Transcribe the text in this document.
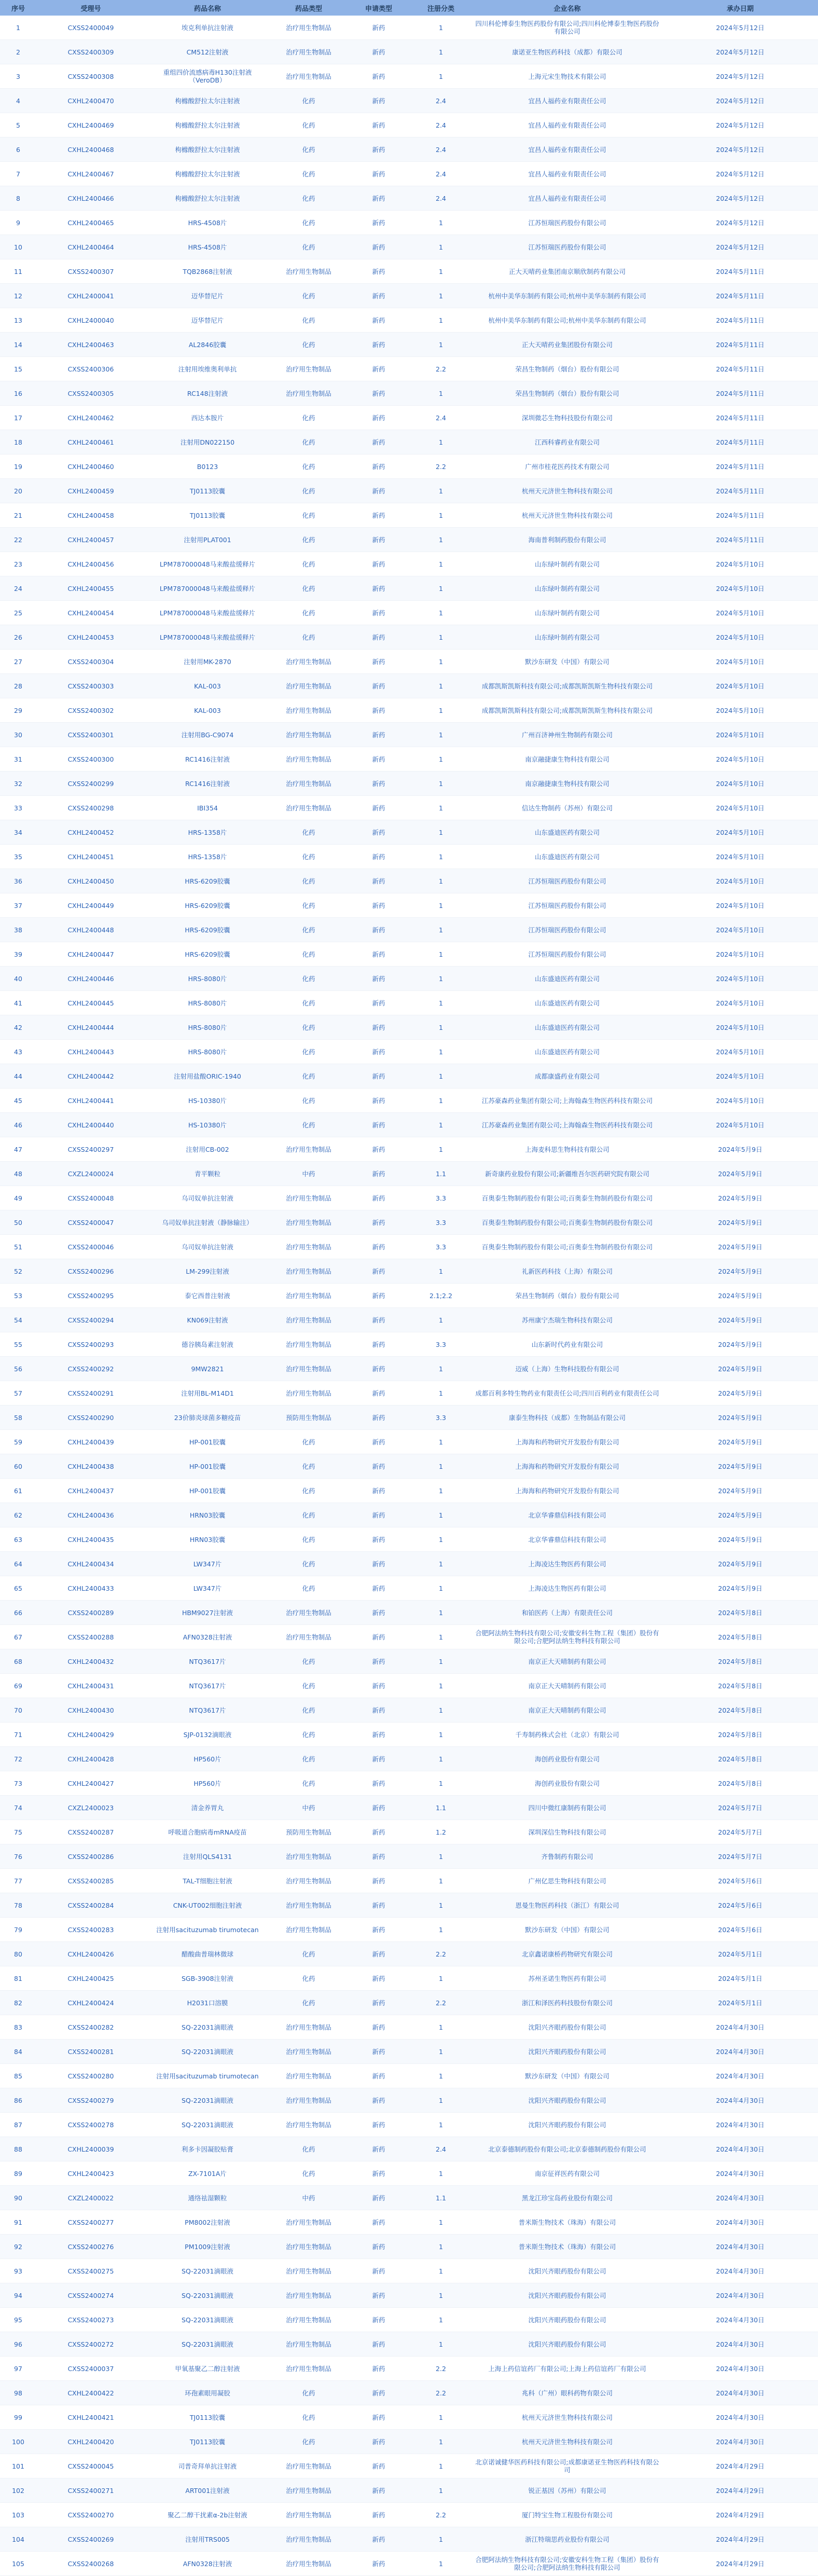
序号	受理号	药品名称	药品类型	申请类型	注册分类	企业名称	承办日期
1	CXSS2400049	埃克利单抗注射液	治疗用生物制品	新药	1	四川科伦博泰生物医药股份有限公司;四川科伦博泰生物医药股份有限公司	2024年5月12日
2	CXSS2400309	CM512注射液	治疗用生物制品	新药	1	康诺亚生物医药科技（成都）有限公司	2024年5月12日
3	CXSS2400308	重组四价流感病毒H130注射液（VeroDB）	治疗用生物制品	新药	1	上海元宋生物技术有限公司	2024年5月12日
4	CXHL2400470	枸橼酸舒拉太尔注射液	化药	新药	2.4	宜昌人福药业有限责任公司	2024年5月12日
5	CXHL2400469	枸橼酸舒拉太尔注射液	化药	新药	2.4	宜昌人福药业有限责任公司	2024年5月12日
6	CXHL2400468	枸橼酸舒拉太尔注射液	化药	新药	2.4	宜昌人福药业有限责任公司	2024年5月12日
7	CXHL2400467	枸橼酸舒拉太尔注射液	化药	新药	2.4	宜昌人福药业有限责任公司	2024年5月12日
8	CXHL2400466	枸橼酸舒拉太尔注射液	化药	新药	2.4	宜昌人福药业有限责任公司	2024年5月12日
9	CXHL2400465	HRS-4508片	化药	新药	1	江苏恒瑞医药股份有限公司	2024年5月12日
10	CXHL2400464	HRS-4508片	化药	新药	1	江苏恒瑞医药股份有限公司	2024年5月12日
11	CXSS2400307	TQB2868注射液	治疗用生物制品	新药	1	正大天晴药业集团南京顺欣制药有限公司	2024年5月11日
12	CXHL2400041	迈华替尼片	化药	新药	1	杭州中美华东制药有限公司;杭州中美华东制药有限公司	2024年5月11日
13	CXHL2400040	迈华替尼片	化药	新药	1	杭州中美华东制药有限公司;杭州中美华东制药有限公司	2024年5月11日
14	CXHL2400463	AL2846胶囊	化药	新药	1	正大天晴药业集团股份有限公司	2024年5月11日
15	CXSS2400306	注射用埃维奥利单抗	治疗用生物制品	新药	2.2	荣昌生物制药（烟台）股份有限公司	2024年5月11日
16	CXSS2400305	RC148注射液	治疗用生物制品	新药	1	荣昌生物制药（烟台）股份有限公司	2024年5月11日
17	CXHL2400462	西达本胺片	化药	新药	2.4	深圳微芯生物科技股份有限公司	2024年5月11日
18	CXHL2400461	注射用DN022150	化药	新药	1	江西科睿药业有限公司	2024年5月11日
19	CXHL2400460	B0123	化药	新药	2.2	广州市桂花医药技术有限公司	2024年5月11日
20	CXHL2400459	TJ0113胶囊	化药	新药	1	杭州天元济世生物科技有限公司	2024年5月11日
21	CXHL2400458	TJ0113胶囊	化药	新药	1	杭州天元济世生物科技有限公司	2024年5月11日
22	CXHL2400457	注射用PLAT001	化药	新药	1	海南普利制药股份有限公司	2024年5月11日
23	CXHL2400456	LPM787000048马来酸盐缓释片	化药	新药	1	山东绿叶制药有限公司	2024年5月10日
24	CXHL2400455	LPM787000048马来酸盐缓释片	化药	新药	1	山东绿叶制药有限公司	2024年5月10日
25	CXHL2400454	LPM787000048马来酸盐缓释片	化药	新药	1	山东绿叶制药有限公司	2024年5月10日
26	CXHL2400453	LPM787000048马来酸盐缓释片	化药	新药	1	山东绿叶制药有限公司	2024年5月10日
27	CXSS2400304	注射用MK-2870	治疗用生物制品	新药	1	默沙东研发（中国）有限公司	2024年5月10日
28	CXSS2400303	KAL-003	治疗用生物制品	新药	1	成都凯斯凯斯科技有限公司;成都凯斯凯斯生物科技有限公司	2024年5月10日
29	CXSS2400302	KAL-003	治疗用生物制品	新药	1	成都凯斯凯斯科技有限公司;成都凯斯凯斯生物科技有限公司	2024年5月10日
30	CXSS2400301	注射用BG-C9074	治疗用生物制品	新药	1	广州百济神州生物制药有限公司	2024年5月10日
31	CXSS2400300	RC1416注射液	治疗用生物制品	新药	1	南京融捷康生物科技有限公司	2024年5月10日
32	CXSS2400299	RC1416注射液	治疗用生物制品	新药	1	南京融捷康生物科技有限公司	2024年5月10日
33	CXSS2400298	IBI354	治疗用生物制品	新药	1	信达生物制药（苏州）有限公司	2024年5月10日
34	CXHL2400452	HRS-1358片	化药	新药	1	山东盛迪医药有限公司	2024年5月10日
35	CXHL2400451	HRS-1358片	化药	新药	1	山东盛迪医药有限公司	2024年5月10日
36	CXHL2400450	HRS-6209胶囊	化药	新药	1	江苏恒瑞医药股份有限公司	2024年5月10日
37	CXHL2400449	HRS-6209胶囊	化药	新药	1	江苏恒瑞医药股份有限公司	2024年5月10日
38	CXHL2400448	HRS-6209胶囊	化药	新药	1	江苏恒瑞医药股份有限公司	2024年5月10日
39	CXHL2400447	HRS-6209胶囊	化药	新药	1	江苏恒瑞医药股份有限公司	2024年5月10日
40	CXHL2400446	HRS-8080片	化药	新药	1	山东盛迪医药有限公司	2024年5月10日
41	CXHL2400445	HRS-8080片	化药	新药	1	山东盛迪医药有限公司	2024年5月10日
42	CXHL2400444	HRS-8080片	化药	新药	1	山东盛迪医药有限公司	2024年5月10日
43	CXHL2400443	HRS-8080片	化药	新药	1	山东盛迪医药有限公司	2024年5月10日
44	CXHL2400442	注射用盐酸ORIC-1940	化药	新药	1	成都康盛药业有限公司	2024年5月10日
45	CXHL2400441	HS-10380片	化药	新药	1	江苏豪森药业集团有限公司;上海翰森生物医药科技有限公司	2024年5月10日
46	CXHL2400440	HS-10380片	化药	新药	1	江苏豪森药业集团有限公司;上海翰森生物医药科技有限公司	2024年5月10日
47	CXSS2400297	注射用CB-002	治疗用生物制品	新药	1	上海麦科思生物科技有限公司	2024年5月9日
48	CXZL2400024	青平颗粒	中药	新药	1.1	新奇康药业股份有限公司;新疆维吾尔医药研究院有限公司	2024年5月9日
49	CXSS2400048	乌司奴单抗注射液	治疗用生物制品	新药	3.3	百奥泰生物制药股份有限公司;百奥泰生物制药股份有限公司	2024年5月9日
50	CXSS2400047	乌司奴单抗注射液（静脉输注）	治疗用生物制品	新药	3.3	百奥泰生物制药股份有限公司;百奥泰生物制药股份有限公司	2024年5月9日
51	CXSS2400046	乌司奴单抗注射液	治疗用生物制品	新药	3.3	百奥泰生物制药股份有限公司;百奥泰生物制药股份有限公司	2024年5月9日
52	CXSS2400296	LM-299注射液	治疗用生物制品	新药	1	礼新医药科技（上海）有限公司	2024年5月9日
53	CXSS2400295	泰它西普注射液	治疗用生物制品	新药	2.1;2.2	荣昌生物制药（烟台）股份有限公司	2024年5月9日
54	CXSS2400294	KN069注射液	治疗用生物制品	新药	1	苏州康宁杰瑞生物科技有限公司	2024年5月9日
55	CXSS2400293	德谷胰岛素注射液	治疗用生物制品	新药	3.3	山东新时代药业有限公司	2024年5月9日
56	CXSS2400292	9MW2821	治疗用生物制品	新药	1	迈威（上海）生物科技股份有限公司	2024年5月9日
57	CXSS2400291	注射用BL-M14D1	治疗用生物制品	新药	1	成都百利多特生物药业有限责任公司;四川百利药业有限责任公司	2024年5月9日
58	CXSS2400290	23价肺炎球菌多糖疫苗	预防用生物制品	新药	3.3	康泰生物科技（成都）生物制品有限公司	2024年5月9日
59	CXHL2400439	HP-001胶囊	化药	新药	1	上海海和药物研究开发股份有限公司	2024年5月9日
60	CXHL2400438	HP-001胶囊	化药	新药	1	上海海和药物研究开发股份有限公司	2024年5月9日
61	CXHL2400437	HP-001胶囊	化药	新药	1	上海海和药物研究开发股份有限公司	2024年5月9日
62	CXHL2400436	HRN03胶囊	化药	新药	1	北京华睿鼎信科技有限公司	2024年5月9日
63	CXHL2400435	HRN03胶囊	化药	新药	1	北京华睿鼎信科技有限公司	2024年5月9日
64	CXHL2400434	LW347片	化药	新药	1	上海凌达生物医药有限公司	2024年5月9日
65	CXHL2400433	LW347片	化药	新药	1	上海凌达生物医药有限公司	2024年5月9日
66	CXSS2400289	HBM9027注射液	治疗用生物制品	新药	1	和铂医药（上海）有限责任公司	2024年5月8日
67	CXSS2400288	AFN0328注射液	治疗用生物制品	新药	1	合肥阿法纳生物科技有限公司;安徽安科生物工程（集团）股份有限公司;合肥阿法纳生物科技有限公司	2024年5月8日
68	CXHL2400432	NTQ3617片	化药	新药	1	南京正大天晴制药有限公司	2024年5月8日
69	CXHL2400431	NTQ3617片	化药	新药	1	南京正大天晴制药有限公司	2024年5月8日
70	CXHL2400430	NTQ3617片	化药	新药	1	南京正大天晴制药有限公司	2024年5月8日
71	CXHL2400429	SJP-0132滴眼液	化药	新药	1	千寿制药株式会社（北京）有限公司	2024年5月8日
72	CXHL2400428	HP560片	化药	新药	1	海创药业股份有限公司	2024年5月8日
73	CXHL2400427	HP560片	化药	新药	1	海创药业股份有限公司	2024年5月8日
74	CXZL2400023	清金养胃丸	中药	新药	1.1	四川中微红康制药有限公司	2024年5月7日
75	CXSS2400287	呼吸道合胞病毒mRNA疫苗	预防用生物制品	新药	1.2	深圳深信生物科技有限公司	2024年5月7日
76	CXSS2400286	注射用QLS4131	治疗用生物制品	新药	1	齐鲁制药有限公司	2024年5月7日
77	CXSS2400285	TAL-T细胞注射液	治疗用生物制品	新药	1	广州亿思生物科技有限公司	2024年5月6日
78	CXSS2400284	CNK-UT002细胞注射液	治疗用生物制品	新药	1	恩曼生物医药科技（浙江）有限公司	2024年5月6日
79	CXSS2400283	注射用sacituzumab tirumotecan	治疗用生物制品	新药	1	默沙东研发（中国）有限公司	2024年5月6日
80	CXHL2400426	醋酸曲普瑞林微球	化药	新药	2.2	北京鑫诺康桥药物研究有限公司	2024年5月1日
81	CXHL2400425	SGB-3908注射液	化药	新药	1	苏州圣诺生物医药有限公司	2024年5月1日
82	CXHL2400424	H2031口溶膜	化药	新药	2.2	浙江和泽医药科技股份有限公司	2024年5月1日
83	CXSS2400282	SQ-22031滴眼液	治疗用生物制品	新药	1	沈阳兴齐眼药股份有限公司	2024年4月30日
84	CXSS2400281	SQ-22031滴眼液	治疗用生物制品	新药	1	沈阳兴齐眼药股份有限公司	2024年4月30日
85	CXSS2400280	注射用sacituzumab tirumotecan	治疗用生物制品	新药	1	默沙东研发（中国）有限公司	2024年4月30日
86	CXSS2400279	SQ-22031滴眼液	治疗用生物制品	新药	1	沈阳兴齐眼药股份有限公司	2024年4月30日
87	CXSS2400278	SQ-22031滴眼液	治疗用生物制品	新药	1	沈阳兴齐眼药股份有限公司	2024年4月30日
88	CXHL2400039	利多卡因凝胶贴膏	化药	新药	2.4	北京泰德制药股份有限公司;北京泰德制药股份有限公司	2024年4月30日
89	CXHL2400423	ZX-7101A片	化药	新药	1	南京征祥医药有限公司	2024年4月30日
90	CXZL2400022	通络祛湿颗粒	中药	新药	1.1	黑龙江珍宝岛药业股份有限公司	2024年4月30日
91	CXSS2400277	PM8002注射液	治疗用生物制品	新药	1	普米斯生物技术（珠海）有限公司	2024年4月30日
92	CXSS2400276	PM1009注射液	治疗用生物制品	新药	1	普米斯生物技术（珠海）有限公司	2024年4月30日
93	CXSS2400275	SQ-22031滴眼液	治疗用生物制品	新药	1	沈阳兴齐眼药股份有限公司	2024年4月30日
94	CXSS2400274	SQ-22031滴眼液	治疗用生物制品	新药	1	沈阳兴齐眼药股份有限公司	2024年4月30日
95	CXSS2400273	SQ-22031滴眼液	治疗用生物制品	新药	1	沈阳兴齐眼药股份有限公司	2024年4月30日
96	CXSS2400272	SQ-22031滴眼液	治疗用生物制品	新药	1	沈阳兴齐眼药股份有限公司	2024年4月30日
97	CXSS2400037	甲氧基聚乙二醇注射液	治疗用生物制品	新药	2.2	上海上药信谊药厂有限公司;上海上药信谊药厂有限公司	2024年4月30日
98	CXHL2400422	环孢素眼用凝胶	化药	新药	2.2	兆科（广州）眼科药物有限公司	2024年4月30日
99	CXHL2400421	TJ0113胶囊	化药	新药	1	杭州天元济世生物科技有限公司	2024年4月30日
100	CXHL2400420	TJ0113胶囊	化药	新药	1	杭州天元济世生物科技有限公司	2024年4月30日
101	CXSS2400045	司普奇拜单抗注射液	治疗用生物制品	新药	1	北京诺诚健华医药科技有限公司;成都康诺亚生物医药科技有限公司	2024年4月29日
102	CXSS2400271	ART001注射液	治疗用生物制品	新药	1	锐正基因（苏州）有限公司	2024年4月29日
103	CXSS2400270	聚乙二醇干扰素α-2b注射液	治疗用生物制品	新药	2.2	厦门特宝生物工程股份有限公司	2024年4月29日
104	CXSS2400269	注射用TRS005	治疗用生物制品	新药	1	浙江特瑞思药业股份有限公司	2024年4月29日
105	CXSS2400268	AFN0328注射液	治疗用生物制品	新药	1	合肥阿法纳生物科技有限公司;安徽安科生物工程（集团）股份有限公司;合肥阿法纳生物科技有限公司	2024年4月29日
